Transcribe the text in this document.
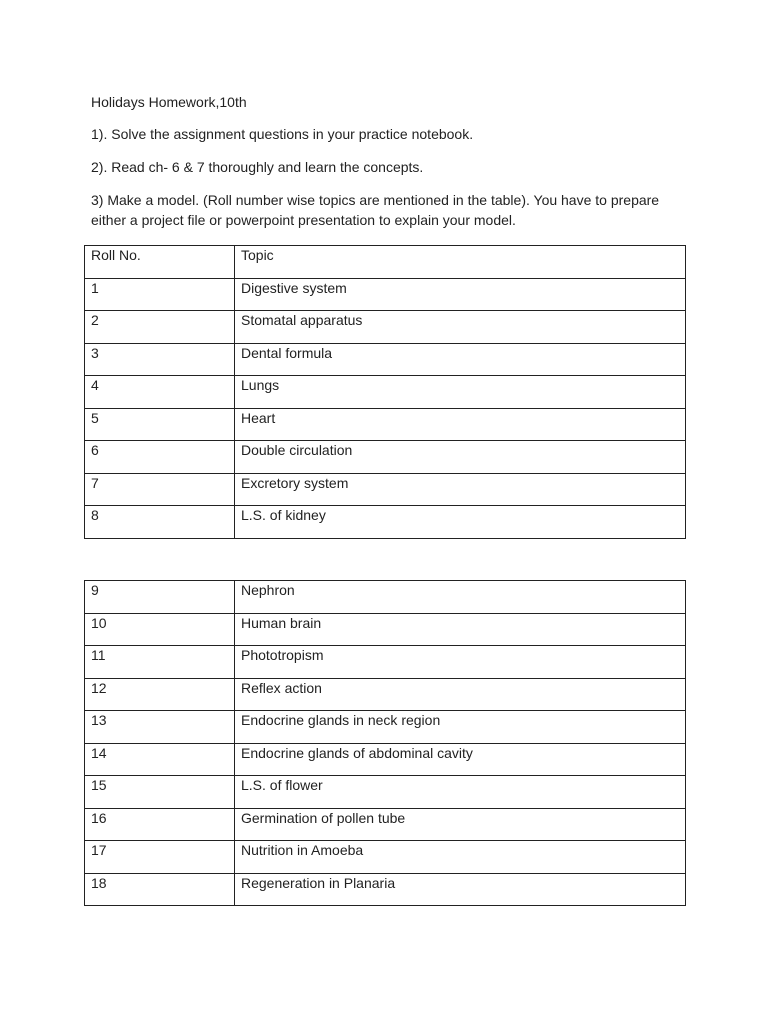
Holidays Homework,10th

1). Solve the assignment questions in your practice notebook.

2). Read ch- 6 & 7 thoroughly and learn the concepts.

3) Make a model. (Roll number wise topics are mentioned in the table). You have to prepare either a project file or powerpoint presentation to explain your model.

Roll No.	Topic
1	Digestive system
2	Stomatal apparatus
3	Dental formula
4	Lungs
5	Heart
6	Double circulation
7	Excretory system
8	L.S. of kidney
9	Nephron
10	Human brain
11	Phototropism
12	Reflex action
13	Endocrine glands in neck region
14	Endocrine glands of abdominal cavity
15	L.S. of flower
16	Germination of pollen tube
17	Nutrition in Amoeba
18	Regeneration in Planaria
